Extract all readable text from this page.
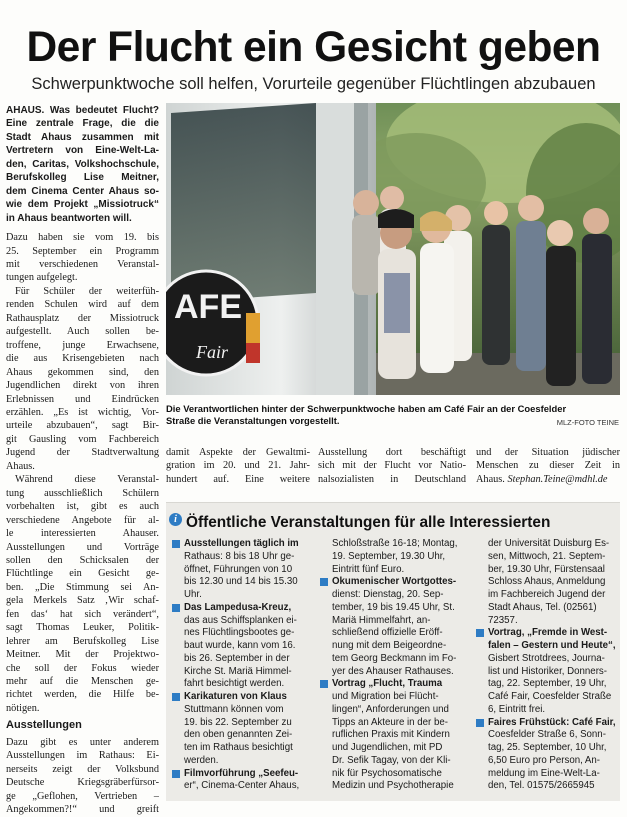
Der Flucht ein Gesicht geben
Schwerpunktwoche soll helfen, Vorurteile gegenüber Flüchtlingen abzubauen
AHAUS. Was bedeutet Flucht?
Eine zentrale Frage, die die
Stadt Ahaus zusammen mit
Vertretern von Eine-Welt-La-
den, Caritas, Volkshochschule,
Berufskolleg Lise Meitner,
dem Cinema Center Ahaus so-
wie dem Projekt „Missiotruck“
in Ahaus beantworten will.
Dazu haben sie vom 19. bis
25. September ein Programm
mit verschiedenen Veranstal-
tungen aufgelegt.
Für Schüler der weiterfüh-
renden Schulen wird auf dem
Rathausplatz der Missiotruck
aufgestellt. Auch sollen be-
troffene, junge Erwachsene,
die aus Krisengebieten nach
Ahaus gekommen sind, den
Jugendlichen direkt von ihren
Erlebnissen und Eindrücken
erzählen. „Es ist wichtig, Vor-
urteile abzubauen“, sagt Bir-
git Gausling vom Fachbereich
Jugend der Stadtverwaltung
Ahaus.
Während diese Veranstal-
tung ausschließlich Schülern
vorbehalten ist, gibt es auch
verschiedene Angebote für al-
le interessierten Ahauser.
Ausstellungen und Vorträge
sollen den Schicksalen der
Flüchtlinge ein Gesicht ge-
ben. „Die Stimmung sei An-
gela Merkels Satz ‚Wir schaf-
fen das‘ hat sich verändert“,
sagt Thomas Leuker, Politik-
lehrer am Berufskolleg Lise
Meitner. Mit der Projektwo-
che soll der Fokus wieder
mehr auf die Menschen ge-
richtet werden, die Hilfe be-
nötigen.
Ausstellungen
Dazu gibt es unter anderem
Ausstellungen im Rathaus: Ei-
nerseits zeigt der Volksbund
Deutsche Kriegsgräberfürsor-
ge „Geflohen, Vertrieben –
Angekommen?!“ und greift
AFE
Fair
Die Verantwortlichen hinter der Schwerpunktwoche haben am Café Fair an der Coesfelder
Straße die Veranstaltungen vorgestellt.	MLZ-FOTO TEINE
damit Aspekte der Gewaltmi-
gration im 20. und 21. Jahr-
hundert auf. Eine weitere
Ausstellung dort beschäftigt
sich mit der Flucht vor Natio-
nalsozialisten in Deutschland
und der Situation jüdischer
Menschen zu dieser Zeit in
Ahaus. Stephan.Teine@mdhl.de
i Öffentliche Veranstaltungen für alle Interessierten
Ausstellungen täglich im
Rathaus: 8 bis 18 Uhr ge-
öffnet, Führungen von 10
bis 12.30 und 14 bis 15.30
Uhr.
Das Lampedusa-Kreuz,
das aus Schiffsplanken ei-
nes Flüchtlingsbootes ge-
baut wurde, kann vom 16.
bis 26. September in der
Kirche St. Mariä Himmel-
fahrt besichtigt werden.
Karikaturen von Klaus
Stuttmann können vom
19. bis 22. September zu
den oben genannten Zei-
ten im Rathaus besichtigt
werden.
Filmvorführung „Seefeu-
er“, Cinema-Center Ahaus,
Schloßstraße 16-18; Montag,
19. September, 19.30 Uhr,
Eintritt fünf Euro.
Ökumenischer Wortgottes-
dienst: Dienstag, 20. Sep-
tember, 19 bis 19.45 Uhr, St.
Mariä Himmelfahrt, an-
schließend offizielle Eröff-
nung mit dem Beigeordne-
tem Georg Beckmann im Fo-
yer des Ahauser Rathauses.
Vortrag „Flucht, Trauma
und Migration bei Flücht-
lingen“, Anforderungen und
Tipps an Akteure in der be-
ruflichen Praxis mit Kindern
und Jugendlichen, mit PD
Dr. Sefik Tagay, von der Kli-
nik für Psychosomatische
Medizin und Psychotherapie
der Universität Duisburg Es-
sen, Mittwoch, 21. Septem-
ber, 19.30 Uhr, Fürstensaal
Schloss Ahaus, Anmeldung
im Fachbereich Jugend der
Stadt Ahaus, Tel. (02561)
72357.
Vortrag, „Fremde in West-
falen – Gestern und Heute“,
Gisbert Strotdrees, Journa-
list und Historiker, Donners-
tag, 22. September, 19 Uhr,
Café Fair, Coesfelder Straße
6, Eintritt frei.
Faires Frühstück: Café Fair,
Coesfelder Straße 6, Sonn-
tag, 25. September, 10 Uhr,
6,50 Euro pro Person, An-
meldung im Eine-Welt-La-
den, Tel. 01575/2665945
